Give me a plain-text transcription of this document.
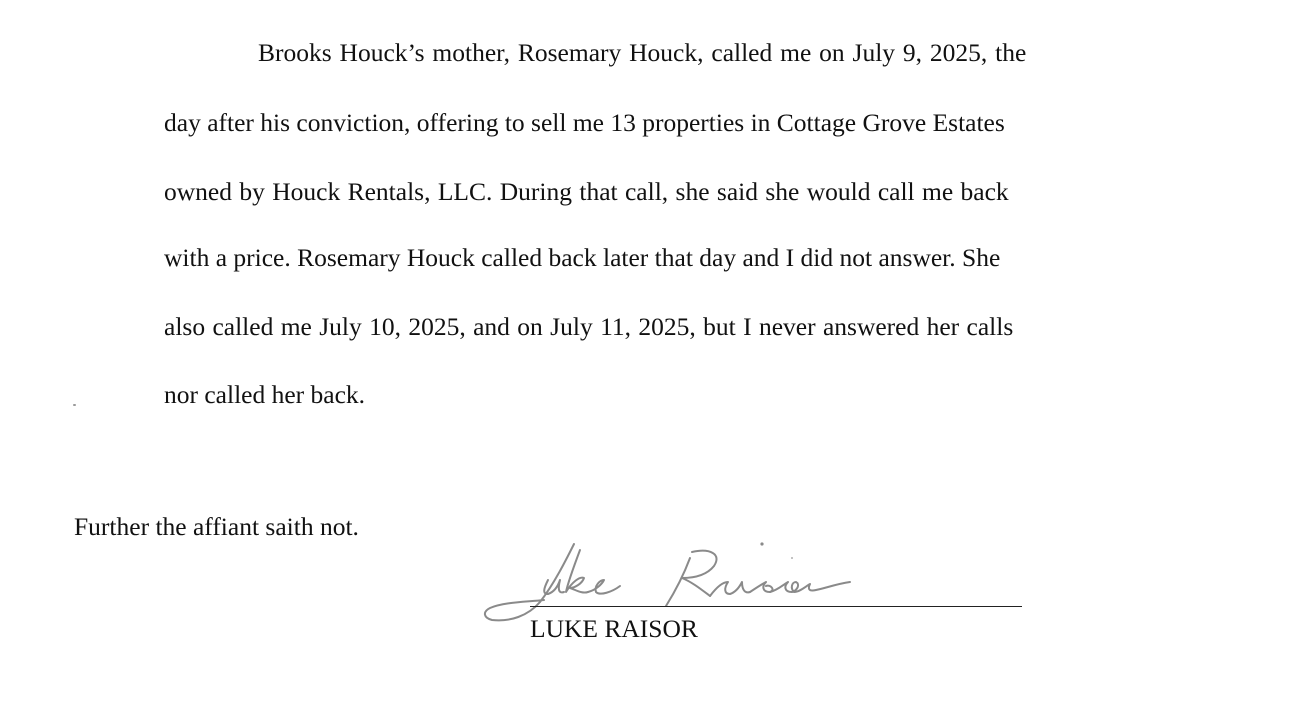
Brooks Houck’s mother, Rosemary Houck, called me on July 9, 2025, the
day after his conviction, offering to sell me 13 properties in Cottage Grove Estates
owned by Houck Rentals, LLC. During that call, she said she would call me back
with a price. Rosemary Houck called back later that day and I did not answer. She
also called me July 10, 2025, and on July 11, 2025, but I never answered her calls
nor called her back.
Further the affiant saith not.
LUKE RAISOR
